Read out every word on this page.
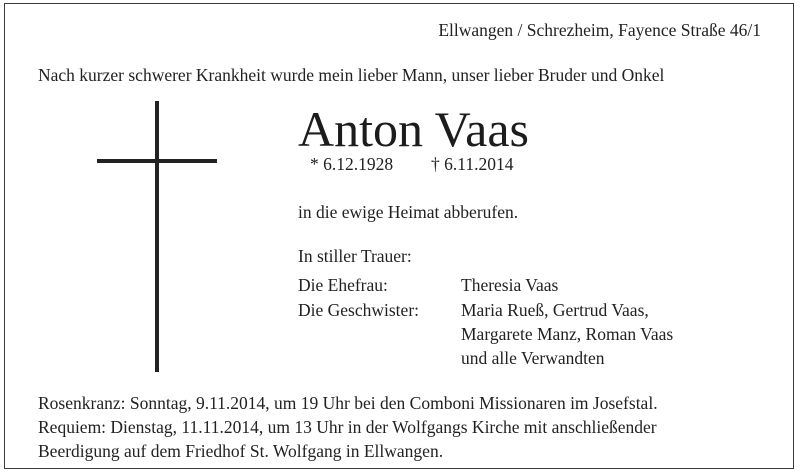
Ellwangen / Schrezheim, Fayence Straße 46/1
Nach kurzer schwerer Krankheit wurde mein lieber Mann, unser lieber Bruder und Onkel
Anton Vaas
* 6.12.1928 † 6.11.2014
in die ewige Heimat abberufen.
In stiller Trauer:
Die Ehefrau:	Theresia Vaas
Die Geschwister: Maria Rueß, Gertrud Vaas,
Margarete Manz, Roman Vaas
und alle Verwandten
Rosenkranz: Sonntag, 9.11.2014, um 19 Uhr bei den Comboni Missionaren im Josefstal.
Requiem: Dienstag, 11.11.2014, um 13 Uhr in der Wolfgangs Kirche mit anschließender
Beerdigung auf dem Friedhof St. Wolfgang in Ellwangen.
